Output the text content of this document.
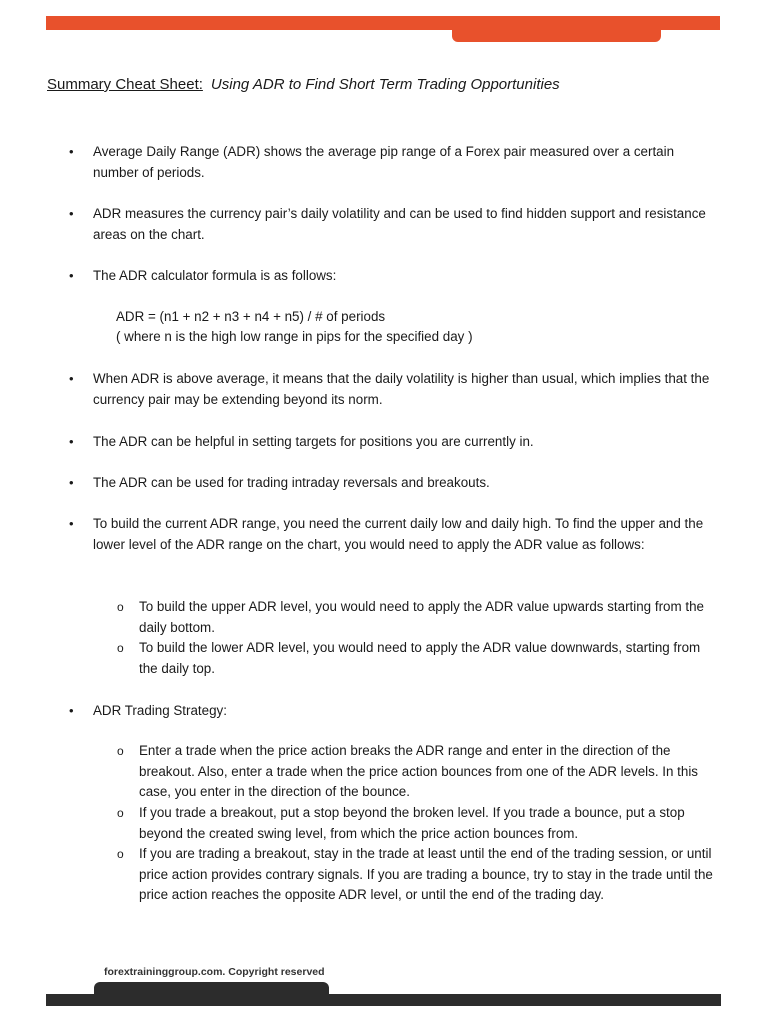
Summary Cheat Sheet: Using ADR to Find Short Term Trading Opportunities
• Average Daily Range (ADR) shows the average pip range of a Forex pair measured over a certain number of periods.
• ADR measures the currency pair’s daily volatility and can be used to find hidden support and resistance areas on the chart.
• The ADR calculator formula is as follows:
ADR = (n1 + n2 + n3 + n4 + n5) / # of periods
( where n is the high low range in pips for the specified day )
• When ADR is above average, it means that the daily volatility is higher than usual, which implies that the currency pair may be extending beyond its norm.
• The ADR can be helpful in setting targets for positions you are currently in.
• The ADR can be used for trading intraday reversals and breakouts.
• To build the current ADR range, you need the current daily low and daily high. To find the upper and the lower level of the ADR range on the chart, you would need to apply the ADR value as follows:
o To build the upper ADR level, you would need to apply the ADR value upwards starting from the daily bottom.
o To build the lower ADR level, you would need to apply the ADR value downwards, starting from the daily top.
• ADR Trading Strategy:
o Enter a trade when the price action breaks the ADR range and enter in the direction of the breakout. Also, enter a trade when the price action bounces from one of the ADR levels. In this case, you enter in the direction of the bounce.
o If you trade a breakout, put a stop beyond the broken level. If you trade a bounce, put a stop beyond the created swing level, from which the price action bounces from.
o If you are trading a breakout, stay in the trade at least until the end of the trading session, or until price action provides contrary signals. If you are trading a bounce, try to stay in the trade until the price action reaches the opposite ADR level, or until the end of the trading day.
forextraininggroup.com. Copyright reserved
